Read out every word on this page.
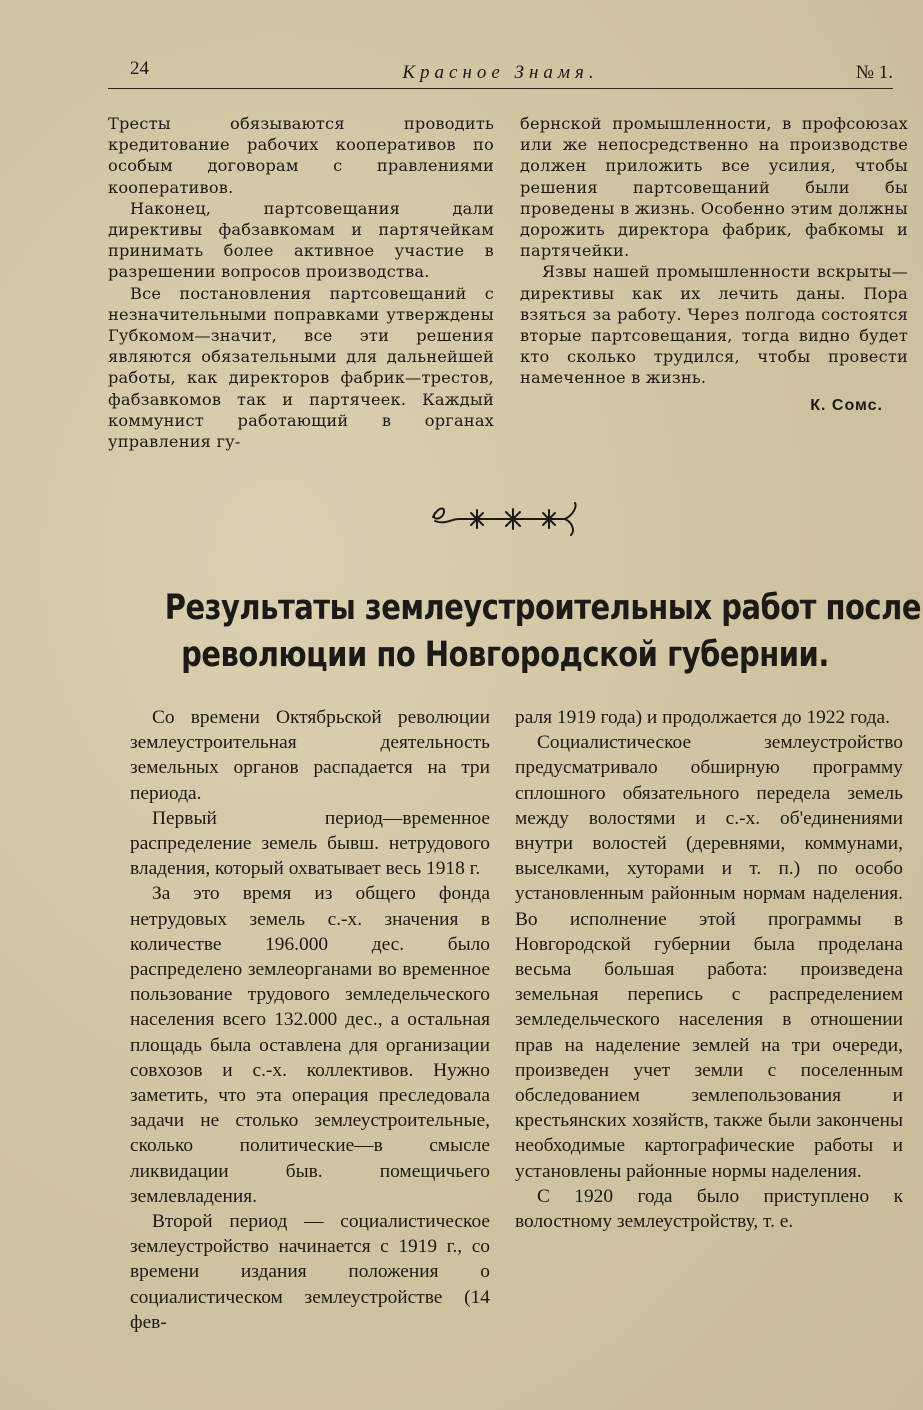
24	Красное Знамя.	№ 1.

Тресты обязываются проводить кредитование рабочих кооперативов по особым договорам с правлениями кооперативов.

Наконец, партсовещания дали директивы фабзавкомам и партячейкам принимать более активное участие в разрешении вопросов производства.

Все постановления партсовещаний с незначительными поправками утверждены Губкомом—значит, все эти решения являются обязательными для дальнейшей работы, как директоров фабрик—трестов, фабзавкомов так и партячеек. Каждый коммунист работающий в органах управления гу-

бернской промышленности, в профсоюзах или же непосредственно на производстве должен приложить все усилия, чтобы решения партсовещаний были бы проведены в жизнь. Особенно этим должны дорожить директора фабрик, фабкомы и партячейки.

Язвы нашей промышленности вскрыты—директивы как их лечить даны. Пора взяться за работу. Через полгода состоятся вторые партсовещания, тогда видно будет кто сколько трудился, чтобы провести намеченное в жизнь.

К. Сомс.
Результаты землеустроительных работ после
революции по Новгородской губернии.

Со времени Октябрьской революции землеустроительная деятельность земельных органов распадается на три периода.

Первый период—временное распределение земель бывш. нетрудового владения, который охватывает весь 1918 г.

За это время из общего фонда нетрудовых земель с.-х. значения в количестве 196.000 дес. было распределено землеорганами во временное пользование трудового земледельческого населения всего 132.000 дес., а остальная площадь была оставлена для организации совхозов и с.-х. коллективов. Нужно заметить, что эта операция преследовала задачи не столько землеустроительные, сколько политические—в смысле ликвидации быв. помещичьего землевладения.

Второй период — социалистическое землеустройство начинается с 1919 г., со времени издания положения о социалистическом землеустройстве (14 фев-

раля 1919 года) и продолжается до 1922 года.

Социалистическое землеустройство предусматривало обширную программу сплошного обязательного передела земель между волостями и с.-х. об'единениями внутри волостей (деревнями, коммунами, выселками, хуторами и т. п.) по особо установленным районным нормам наделения. Во исполнение этой программы в Новгородской губернии была проделана весьма большая работа: произведена земельная перепись с распределением земледельческого населения в отношении прав на наделение землей на три очереди, произведен учет земли с поселенным обследованием землепользования и крестьянских хозяйств, также были закончены необходимые картографические работы и установлены районные нормы наделения.

С 1920 года было приступлено к волостному землеустройству, т. е.
